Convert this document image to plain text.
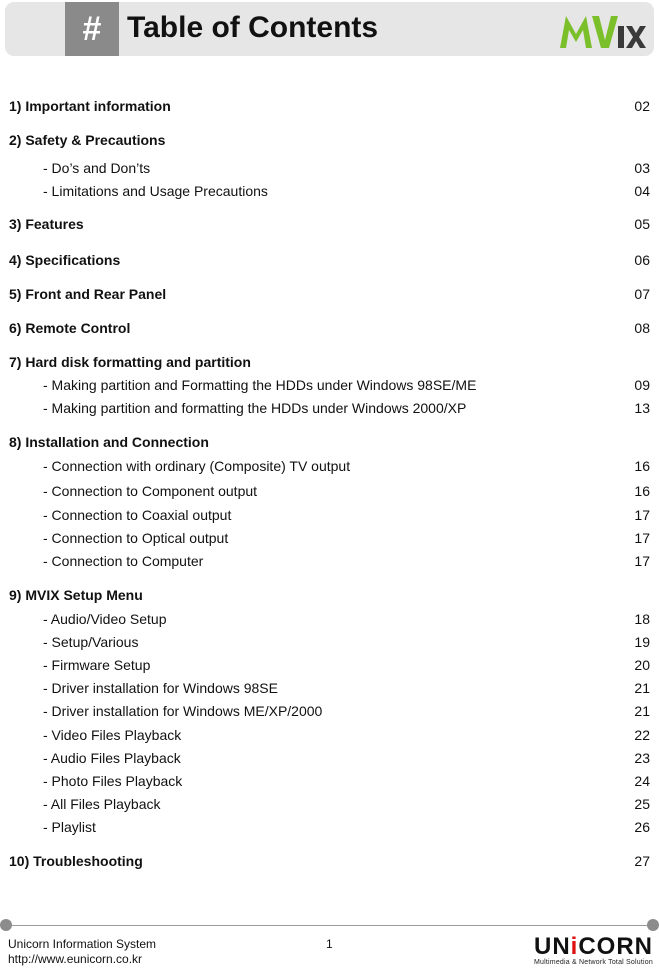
# Table of Contents
1) Important information	02
2) Safety & Precautions
- Do’s and Don’ts	03
- Limitations and Usage Precautions	04
3) Features	05
4) Specifications	06
5) Front and Rear Panel	07
6) Remote Control	08
7) Hard disk formatting and partition
- Making partition and Formatting the HDDs under Windows 98SE/ME	09
- Making partition and formatting the HDDs under Windows 2000/XP	13
8) Installation and Connection
- Connection with ordinary (Composite) TV output	16
- Connection to Component output	16
- Connection to Coaxial output	17
- Connection to Optical output	17
- Connection to Computer	17
9) MVIX Setup Menu
- Audio/Video Setup	18
- Setup/Various	19
- Firmware Setup	20
- Driver installation for Windows 98SE	21
- Driver installation for Windows ME/XP/2000	21
- Video Files Playback	22
- Audio Files Playback	23
- Photo Files Playback	24
- All Files Playback	25
- Playlist	26
10) Troubleshooting	27
Unicorn Information System
http://www.eunicorn.co.kr
1	UNiCORN
Multimedia & Network Total Solution
